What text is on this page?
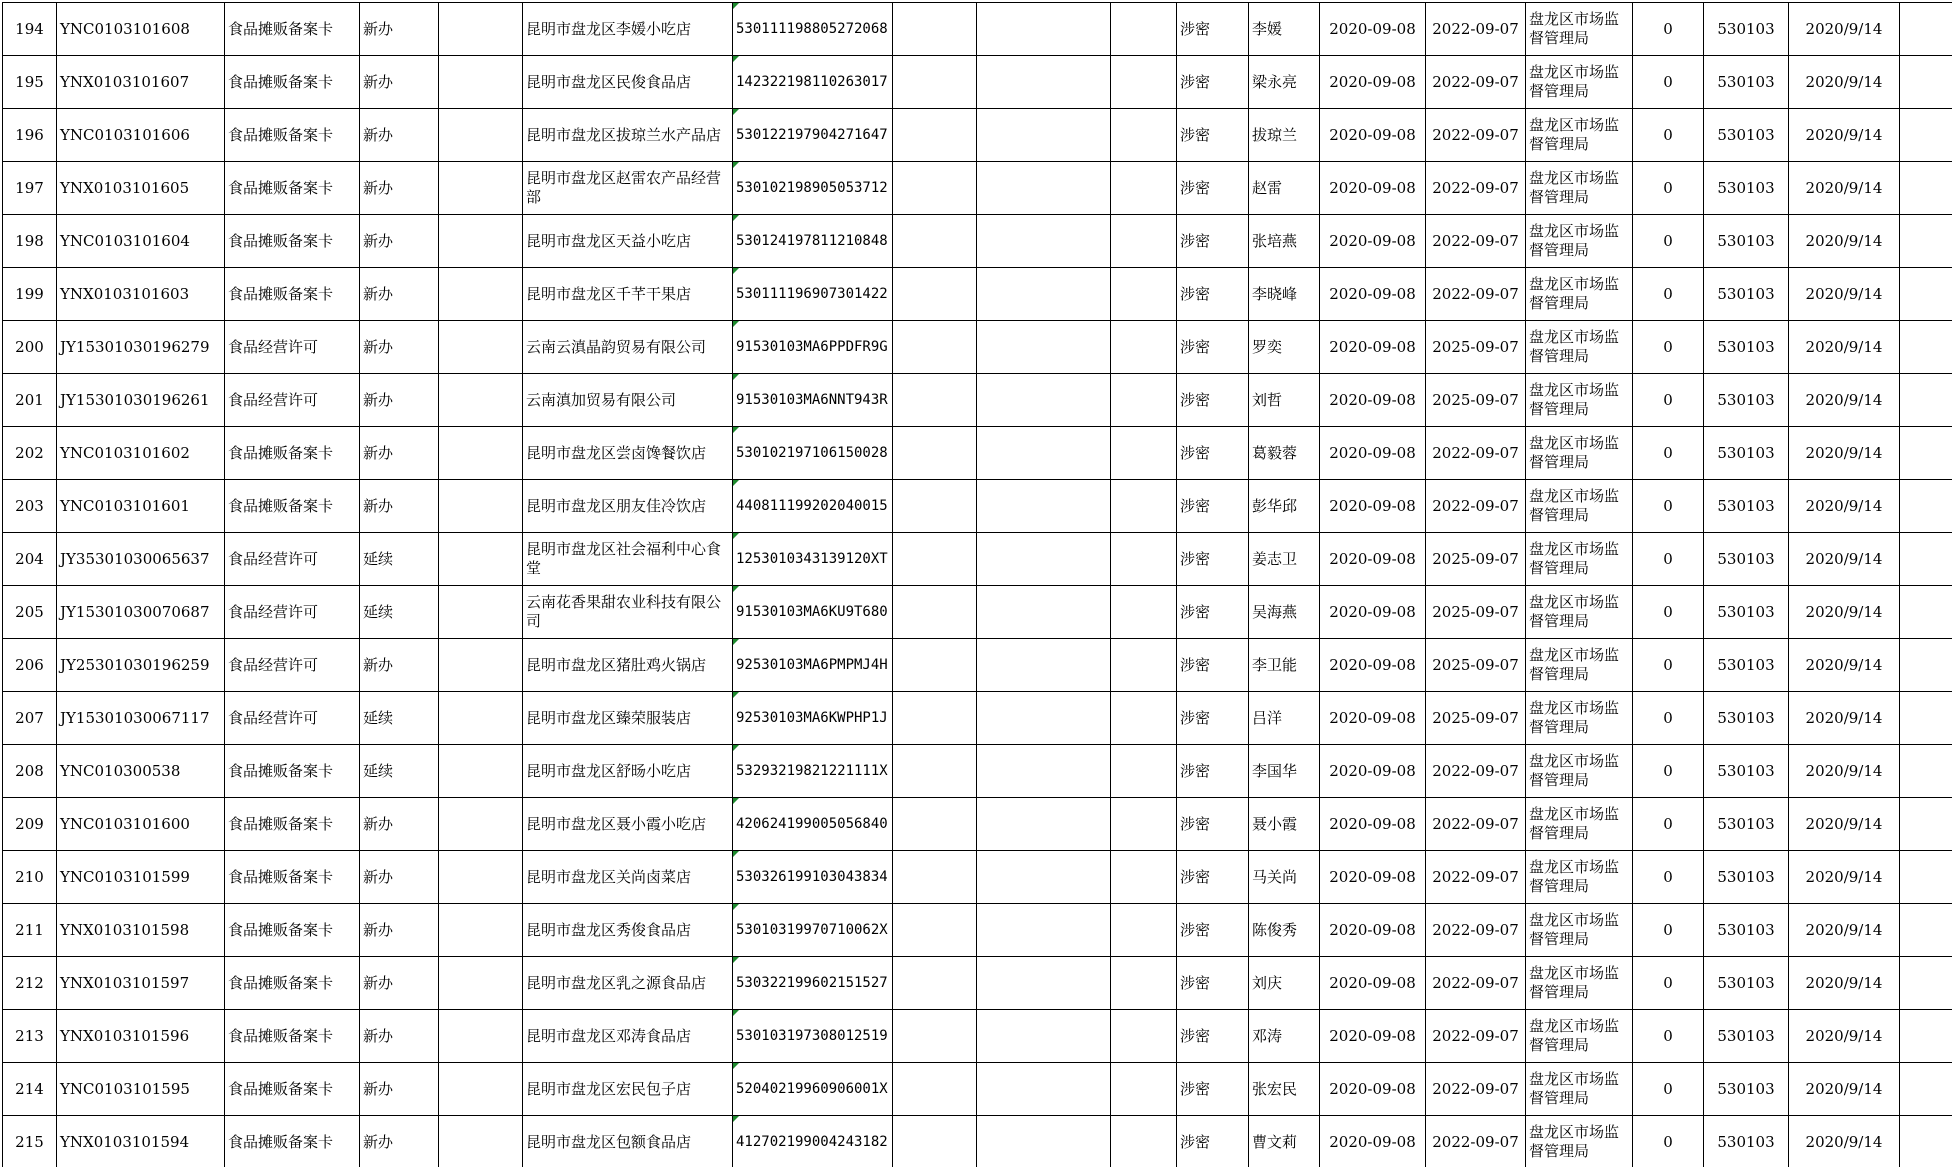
194	YNC0103101608	食品摊贩备案卡	新办		昆明市盘龙区李媛小吃店	530111198805272068				涉密	李媛	2020-09-08	2022-09-07	盘龙区市场监督管理局	0	530103	2020/9/14	
195	YNX0103101607	食品摊贩备案卡	新办		昆明市盘龙区民俊食品店	142322198110263017				涉密	梁永亮	2020-09-08	2022-09-07	盘龙区市场监督管理局	0	530103	2020/9/14	
196	YNC0103101606	食品摊贩备案卡	新办		昆明市盘龙区拔琼兰水产品店	530122197904271647				涉密	拔琼兰	2020-09-08	2022-09-07	盘龙区市场监督管理局	0	530103	2020/9/14	
197	YNX0103101605	食品摊贩备案卡	新办		昆明市盘龙区赵雷农产品经营部	530102198905053712				涉密	赵雷	2020-09-08	2022-09-07	盘龙区市场监督管理局	0	530103	2020/9/14	
198	YNC0103101604	食品摊贩备案卡	新办		昆明市盘龙区天益小吃店	530124197811210848				涉密	张培燕	2020-09-08	2022-09-07	盘龙区市场监督管理局	0	530103	2020/9/14	
199	YNX0103101603	食品摊贩备案卡	新办		昆明市盘龙区千芊干果店	530111196907301422				涉密	李晓峰	2020-09-08	2022-09-07	盘龙区市场监督管理局	0	530103	2020/9/14	
200	JY15301030196279	食品经营许可	新办		云南云滇晶韵贸易有限公司	91530103MA6PPDFR9G				涉密	罗奕	2020-09-08	2025-09-07	盘龙区市场监督管理局	0	530103	2020/9/14	
201	JY15301030196261	食品经营许可	新办		云南滇加贸易有限公司	91530103MA6NNT943R				涉密	刘哲	2020-09-08	2025-09-07	盘龙区市场监督管理局	0	530103	2020/9/14	
202	YNC0103101602	食品摊贩备案卡	新办		昆明市盘龙区尝卤馋餐饮店	530102197106150028				涉密	葛毅蓉	2020-09-08	2022-09-07	盘龙区市场监督管理局	0	530103	2020/9/14	
203	YNC0103101601	食品摊贩备案卡	新办		昆明市盘龙区朋友佳冷饮店	440811199202040015				涉密	彭华邱	2020-09-08	2022-09-07	盘龙区市场监督管理局	0	530103	2020/9/14	
204	JY35301030065637	食品经营许可	延续		昆明市盘龙区社会福利中心食堂	12530103431391​20XT				涉密	姜志卫	2020-09-08	2025-09-07	盘龙区市场监督管理局	0	530103	2020/9/14	
205	JY15301030070687	食品经营许可	延续		云南花香果甜农业科技有限公司	91530103MA6KU9T680				涉密	吴海燕	2020-09-08	2025-09-07	盘龙区市场监督管理局	0	530103	2020/9/14	
206	JY25301030196259	食品经营许可	新办		昆明市盘龙区猪肚鸡火锅店	92530103MA6PMPMJ4H				涉密	李卫能	2020-09-08	2025-09-07	盘龙区市场监督管理局	0	530103	2020/9/14	
207	JY15301030067117	食品经营许可	延续		昆明市盘龙区臻荣服装店	92530103MA6KWPHP1J				涉密	吕洋	2020-09-08	2025-09-07	盘龙区市场监督管理局	0	530103	2020/9/14	
208	YNC010300538	食品摊贩备案卡	延续		昆明市盘龙区舒旸小吃店	53293219821221111X				涉密	李国华	2020-09-08	2022-09-07	盘龙区市场监督管理局	0	530103	2020/9/14	
209	YNC0103101600	食品摊贩备案卡	新办		昆明市盘龙区聂小霞小吃店	420624199005056840				涉密	聂小霞	2020-09-08	2022-09-07	盘龙区市场监督管理局	0	530103	2020/9/14	
210	YNC0103101599	食品摊贩备案卡	新办		昆明市盘龙区关尚卤菜店	530326199103043834				涉密	马关尚	2020-09-08	2022-09-07	盘龙区市场监督管理局	0	530103	2020/9/14	
211	YNX0103101598	食品摊贩备案卡	新办		昆明市盘龙区秀俊食品店	53010319970710062X				涉密	陈俊秀	2020-09-08	2022-09-07	盘龙区市场监督管理局	0	530103	2020/9/14	
212	YNX0103101597	食品摊贩备案卡	新办		昆明市盘龙区乳之源食品店	530322199602151527				涉密	刘庆	2020-09-08	2022-09-07	盘龙区市场监督管理局	0	530103	2020/9/14	
213	YNX0103101596	食品摊贩备案卡	新办		昆明市盘龙区邓涛食品店	530103197308012519				涉密	邓涛	2020-09-08	2022-09-07	盘龙区市场监督管理局	0	530103	2020/9/14	
214	YNC0103101595	食品摊贩备案卡	新办		昆明市盘龙区宏民包子店	52040219960906001X				涉密	张宏民	2020-09-08	2022-09-07	盘龙区市场监督管理局	0	530103	2020/9/14	
215	YNX0103101594	食品摊贩备案卡	新办		昆明市盘龙区包额食品店	412702199004243182				涉密	曹文莉	2020-09-08	2022-09-07	盘龙区市场监督管理局	0	530103	2020/9/14	
